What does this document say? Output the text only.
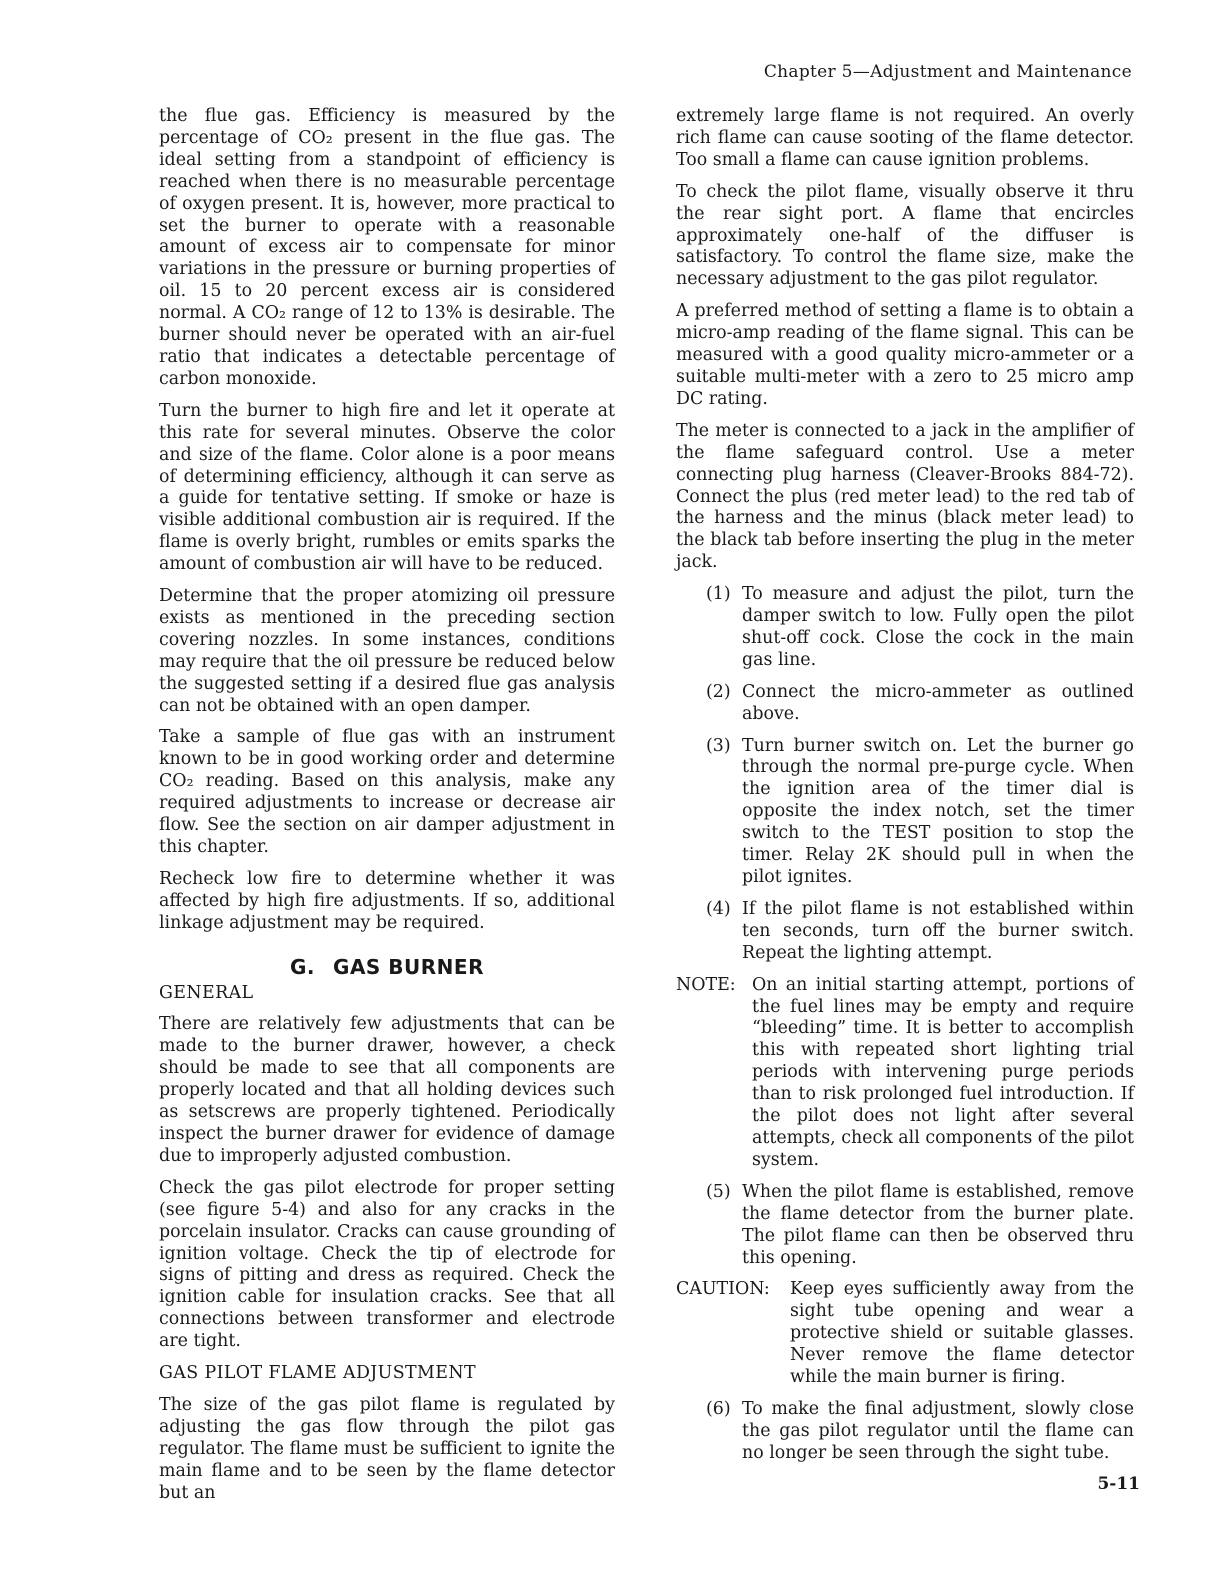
Chapter 5—Adjustment and Maintenance

the flue gas. Efficiency is measured by the percentage of CO₂ present in the flue gas. The ideal setting from a standpoint of efficiency is reached when there is no measurable percentage of oxygen present. It is, however, more practical to set the burner to operate with a reasonable amount of excess air to compensate for minor variations in the pressure or burning properties of oil. 15 to 20 percent excess air is considered normal. A CO₂ range of 12 to 13% is desirable. The burner should never be operated with an air-fuel ratio that indicates a detectable percentage of carbon monoxide.

Turn the burner to high fire and let it operate at this rate for several minutes. Observe the color and size of the flame. Color alone is a poor means of determining efficiency, although it can serve as a guide for tentative setting. If smoke or haze is visible additional combustion air is required. If the flame is overly bright, rumbles or emits sparks the amount of combustion air will have to be reduced.

Determine that the proper atomizing oil pressure exists as mentioned in the preceding section covering nozzles. In some instances, conditions may require that the oil pressure be reduced below the suggested setting if a desired flue gas analysis can not be obtained with an open damper.

Take a sample of flue gas with an instrument known to be in good working order and determine CO₂ reading. Based on this analysis, make any required adjustments to increase or decrease air flow. See the section on air damper adjustment in this chapter.

Recheck low fire to determine whether it was affected by high fire adjustments. If so, additional linkage adjustment may be required.

G. GAS BURNER
GENERAL

There are relatively few adjustments that can be made to the burner drawer, however, a check should be made to see that all components are properly located and that all holding devices such as setscrews are properly tightened. Periodically inspect the burner drawer for evidence of damage due to improperly adjusted combustion.

Check the gas pilot electrode for proper setting (see figure 5-4) and also for any cracks in the porcelain insulator. Cracks can cause grounding of ignition voltage. Check the tip of electrode for signs of pitting and dress as required. Check the ignition cable for insulation cracks. See that all connections between transformer and electrode are tight.

GAS PILOT FLAME ADJUSTMENT

The size of the gas pilot flame is regulated by adjusting the gas flow through the pilot gas regulator. The flame must be sufficient to ignite the main flame and to be seen by the flame detector but an

extremely large flame is not required. An overly rich flame can cause sooting of the flame detector. Too small a flame can cause ignition problems.

To check the pilot flame, visually observe it thru the rear sight port. A flame that encircles approximately one-half of the diffuser is satisfactory. To control the flame size, make the necessary adjustment to the gas pilot regulator.

A preferred method of setting a flame is to obtain a micro-amp reading of the flame signal. This can be measured with a good quality micro-ammeter or a suitable multi-meter with a zero to 25 micro amp DC rating.

The meter is connected to a jack in the amplifier of the flame safeguard control. Use a meter connecting plug harness (Cleaver-Brooks 884-72). Connect the plus (red meter lead) to the red tab of the harness and the minus (black meter lead) to the black tab before inserting the plug in the meter jack.

(1) To measure and adjust the pilot, turn the damper switch to low. Fully open the pilot shut-off cock. Close the cock in the main gas line.
(2) Connect the micro-ammeter as outlined above.
(3) Turn burner switch on. Let the burner go through the normal pre-purge cycle. When the ignition area of the timer dial is opposite the index notch, set the timer switch to the TEST position to stop the timer. Relay 2K should pull in when the pilot ignites.
(4) If the pilot flame is not established within ten seconds, turn off the burner switch. Repeat the lighting attempt.
NOTE: On an initial starting attempt, portions of the fuel lines may be empty and require “bleeding” time. It is better to accomplish this with repeated short lighting trial periods with intervening purge periods than to risk prolonged fuel introduction. If the pilot does not light after several attempts, check all components of the pilot system.
(5) When the pilot flame is established, remove the flame detector from the burner plate. The pilot flame can then be observed thru this opening.
CAUTION:	Keep eyes sufficiently away from the sight tube opening and wear a protective shield or suitable glasses. Never remove the flame detector while the main burner is firing.
(6) To make the final adjustment, slowly close the gas pilot regulator until the flame can no longer be seen through the sight tube.
5-11
